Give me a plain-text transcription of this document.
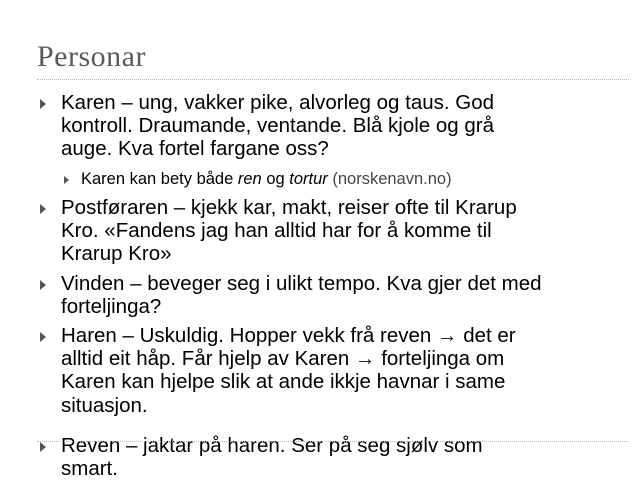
Personar
Karen – ung, vakker pike, alvorleg og taus. God
kontroll. Draumande, ventande. Blå kjole og grå
auge. Kva fortel fargane oss?
Karen kan bety både ren og tortur (norskenavn.no)
Postføraren – kjekk kar, makt, reiser ofte til Krarup
Kro. «Fandens jag han alltid har for å komme til
Krarup Kro»
Vinden – beveger seg i ulikt tempo. Kva gjer det med
forteljinga?
Haren – Uskuldig. Hopper vekk frå reven → det er
alltid eit håp. Får hjelp av Karen → forteljinga om
Karen kan hjelpe slik at ande ikkje havnar i same
situasjon.
Reven – jaktar på haren. Ser på seg sjølv som
smart.
